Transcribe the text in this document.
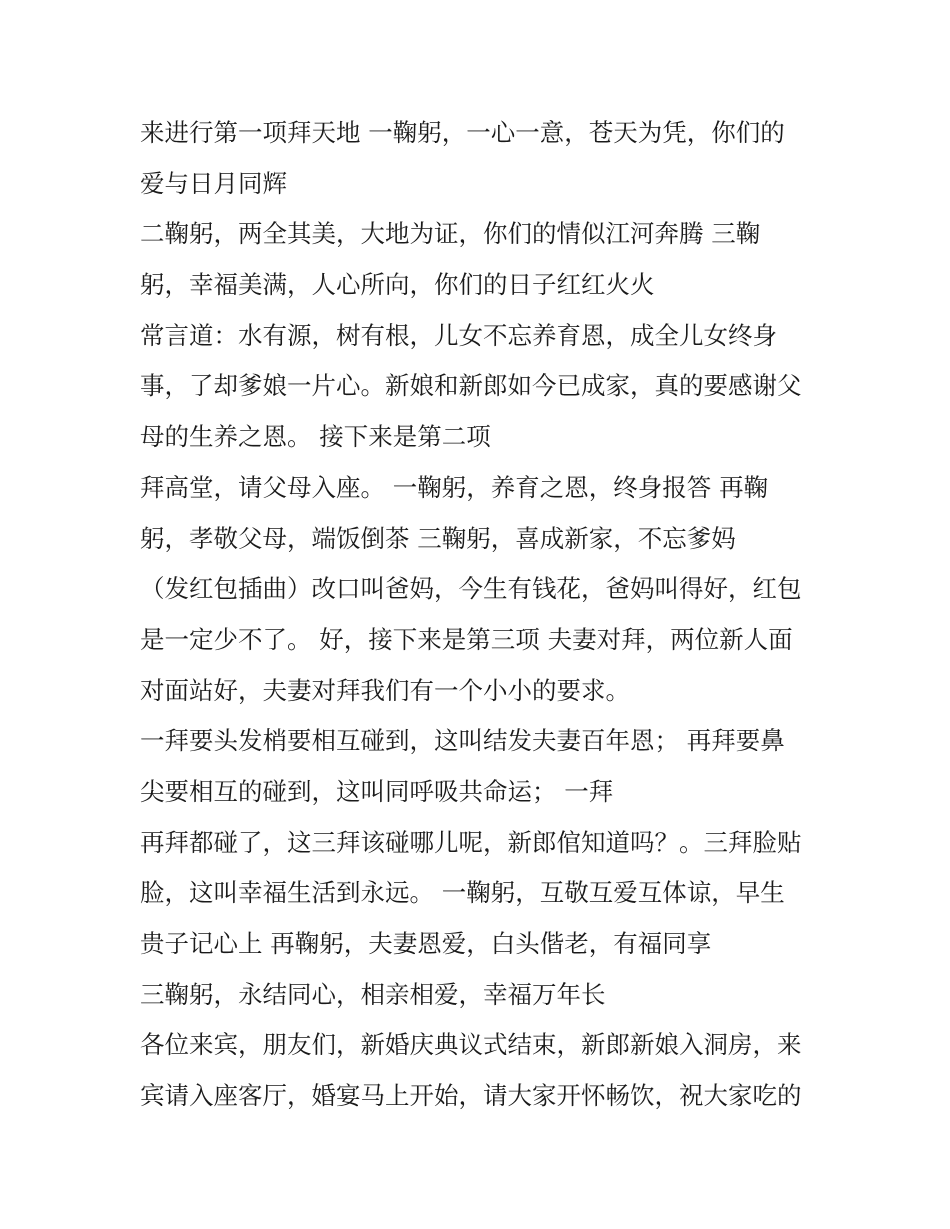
来进行第一项拜天地 一鞠躬，一心一意，苍天为凭，你们的
爱与日月同辉
二鞠躬，两全其美，大地为证，你们的情似江河奔腾 三鞠
躬，幸福美满，人心所向，你们的日子红红火火
常言道：水有源，树有根，儿女不忘养育恩，成全儿女终身
事，了却爹娘一片心。新娘和新郎如今已成家，真的要感谢父
母的生养之恩。 接下来是第二项
拜高堂，请父母入座。 一鞠躬，养育之恩，终身报答 再鞠
躬，孝敬父母，端饭倒茶 三鞠躬，喜成新家，不忘爹妈
（发红包插曲）改口叫爸妈，今生有钱花，爸妈叫得好，红包
是一定少不了。 好，接下来是第三项 夫妻对拜，两位新人面
对面站好，夫妻对拜我们有一个小小的要求。
一拜要头发梢要相互碰到，这叫结发夫妻百年恩； 再拜要鼻
尖要相互的碰到，这叫同呼吸共命运； 一拜
再拜都碰了，这三拜该碰哪儿呢，新郎倌知道吗？。三拜脸贴
脸，这叫幸福生活到永远。 一鞠躬，互敬互爱互体谅，早生
贵子记心上 再鞠躬，夫妻恩爱，白头偕老，有福同享
三鞠躬，永结同心，相亲相爱，幸福万年长
各位来宾，朋友们，新婚庆典议式结束，新郎新娘入洞房，来
宾请入座客厅，婚宴马上开始，请大家开怀畅饮，祝大家吃的
